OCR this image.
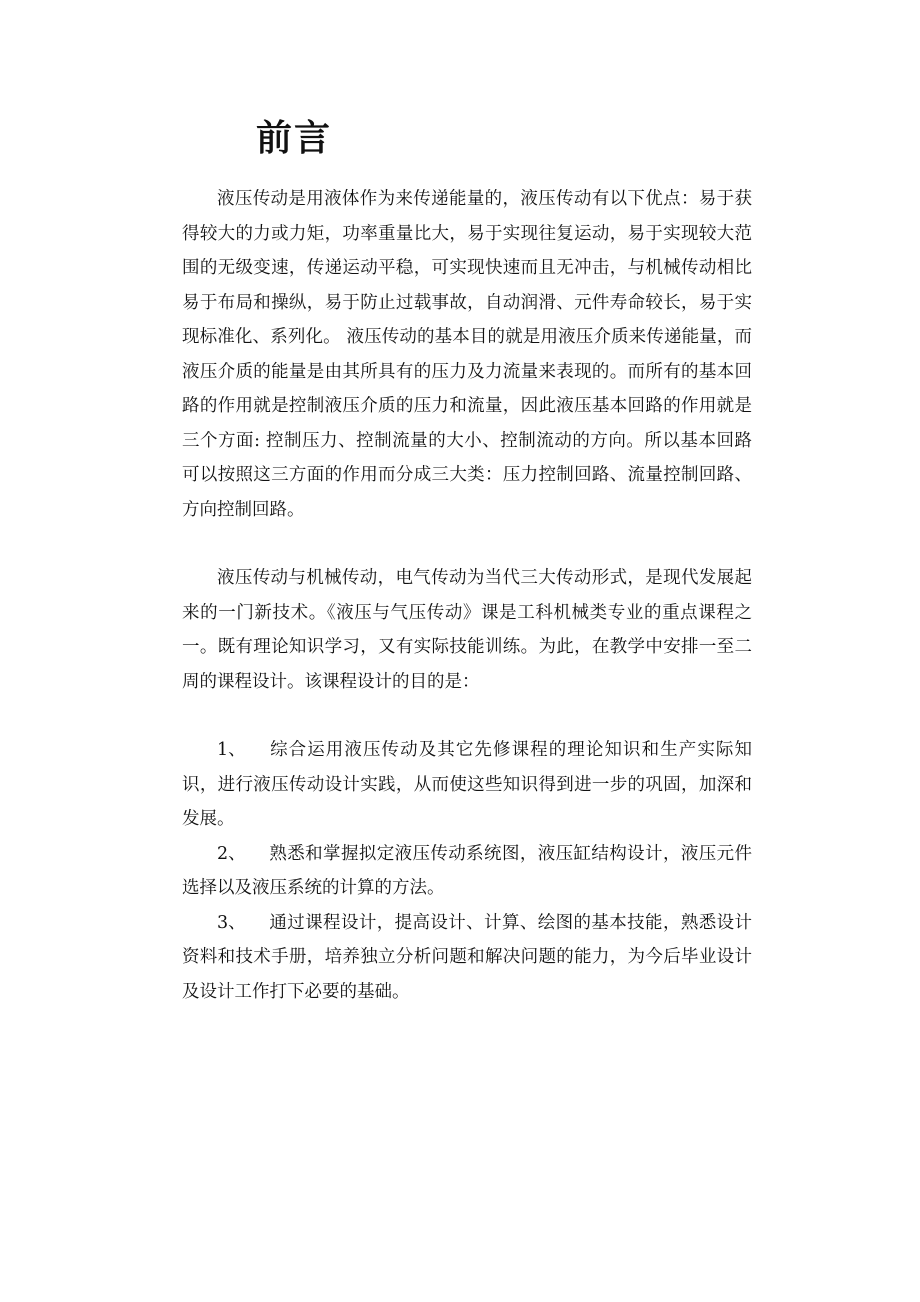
前言

液压传动是用液体作为来传递能量的，液压传动有以下优点：易于获得较大的力或力矩，功率重量比大，易于实现往复运动，易于实现较大范围的无级变速，传递运动平稳，可实现快速而且无冲击，与机械传动相比易于布局和操纵，易于防止过载事故，自动润滑、元件寿命较长，易于实现标准化、系列化。 液压传动的基本目的就是用液压介质来传递能量，而液压介质的能量是由其所具有的压力及力流量来表现的。而所有的基本回路的作用就是控制液压介质的压力和流量，因此液压基本回路的作用就是三个方面: 控制压力、控制流量的大小、控制流动的方向。所以基本回路可以按照这三方面的作用而分成三大类：压力控制回路、流量控制回路、方向控制回路。

液压传动与机械传动，电气传动为当代三大传动形式，是现代发展起来的一门新技术。《液压与气压传动》课是工科机械类专业的重点课程之一。既有理论知识学习，又有实际技能训练。为此，在教学中安排一至二周的课程设计。该课程设计的目的是：

1、 综合运用液压传动及其它先修课程的理论知识和生产实际知识，进行液压传动设计实践，从而使这些知识得到进一步的巩固，加深和发展。

2、 熟悉和掌握拟定液压传动系统图，液压缸结构设计，液压元件选择以及液压系统的计算的方法。

3、 通过课程设计，提高设计、计算、绘图的基本技能，熟悉设计资料和技术手册，培养独立分析问题和解决问题的能力，为今后毕业设计及设计工作打下必要的基础。
